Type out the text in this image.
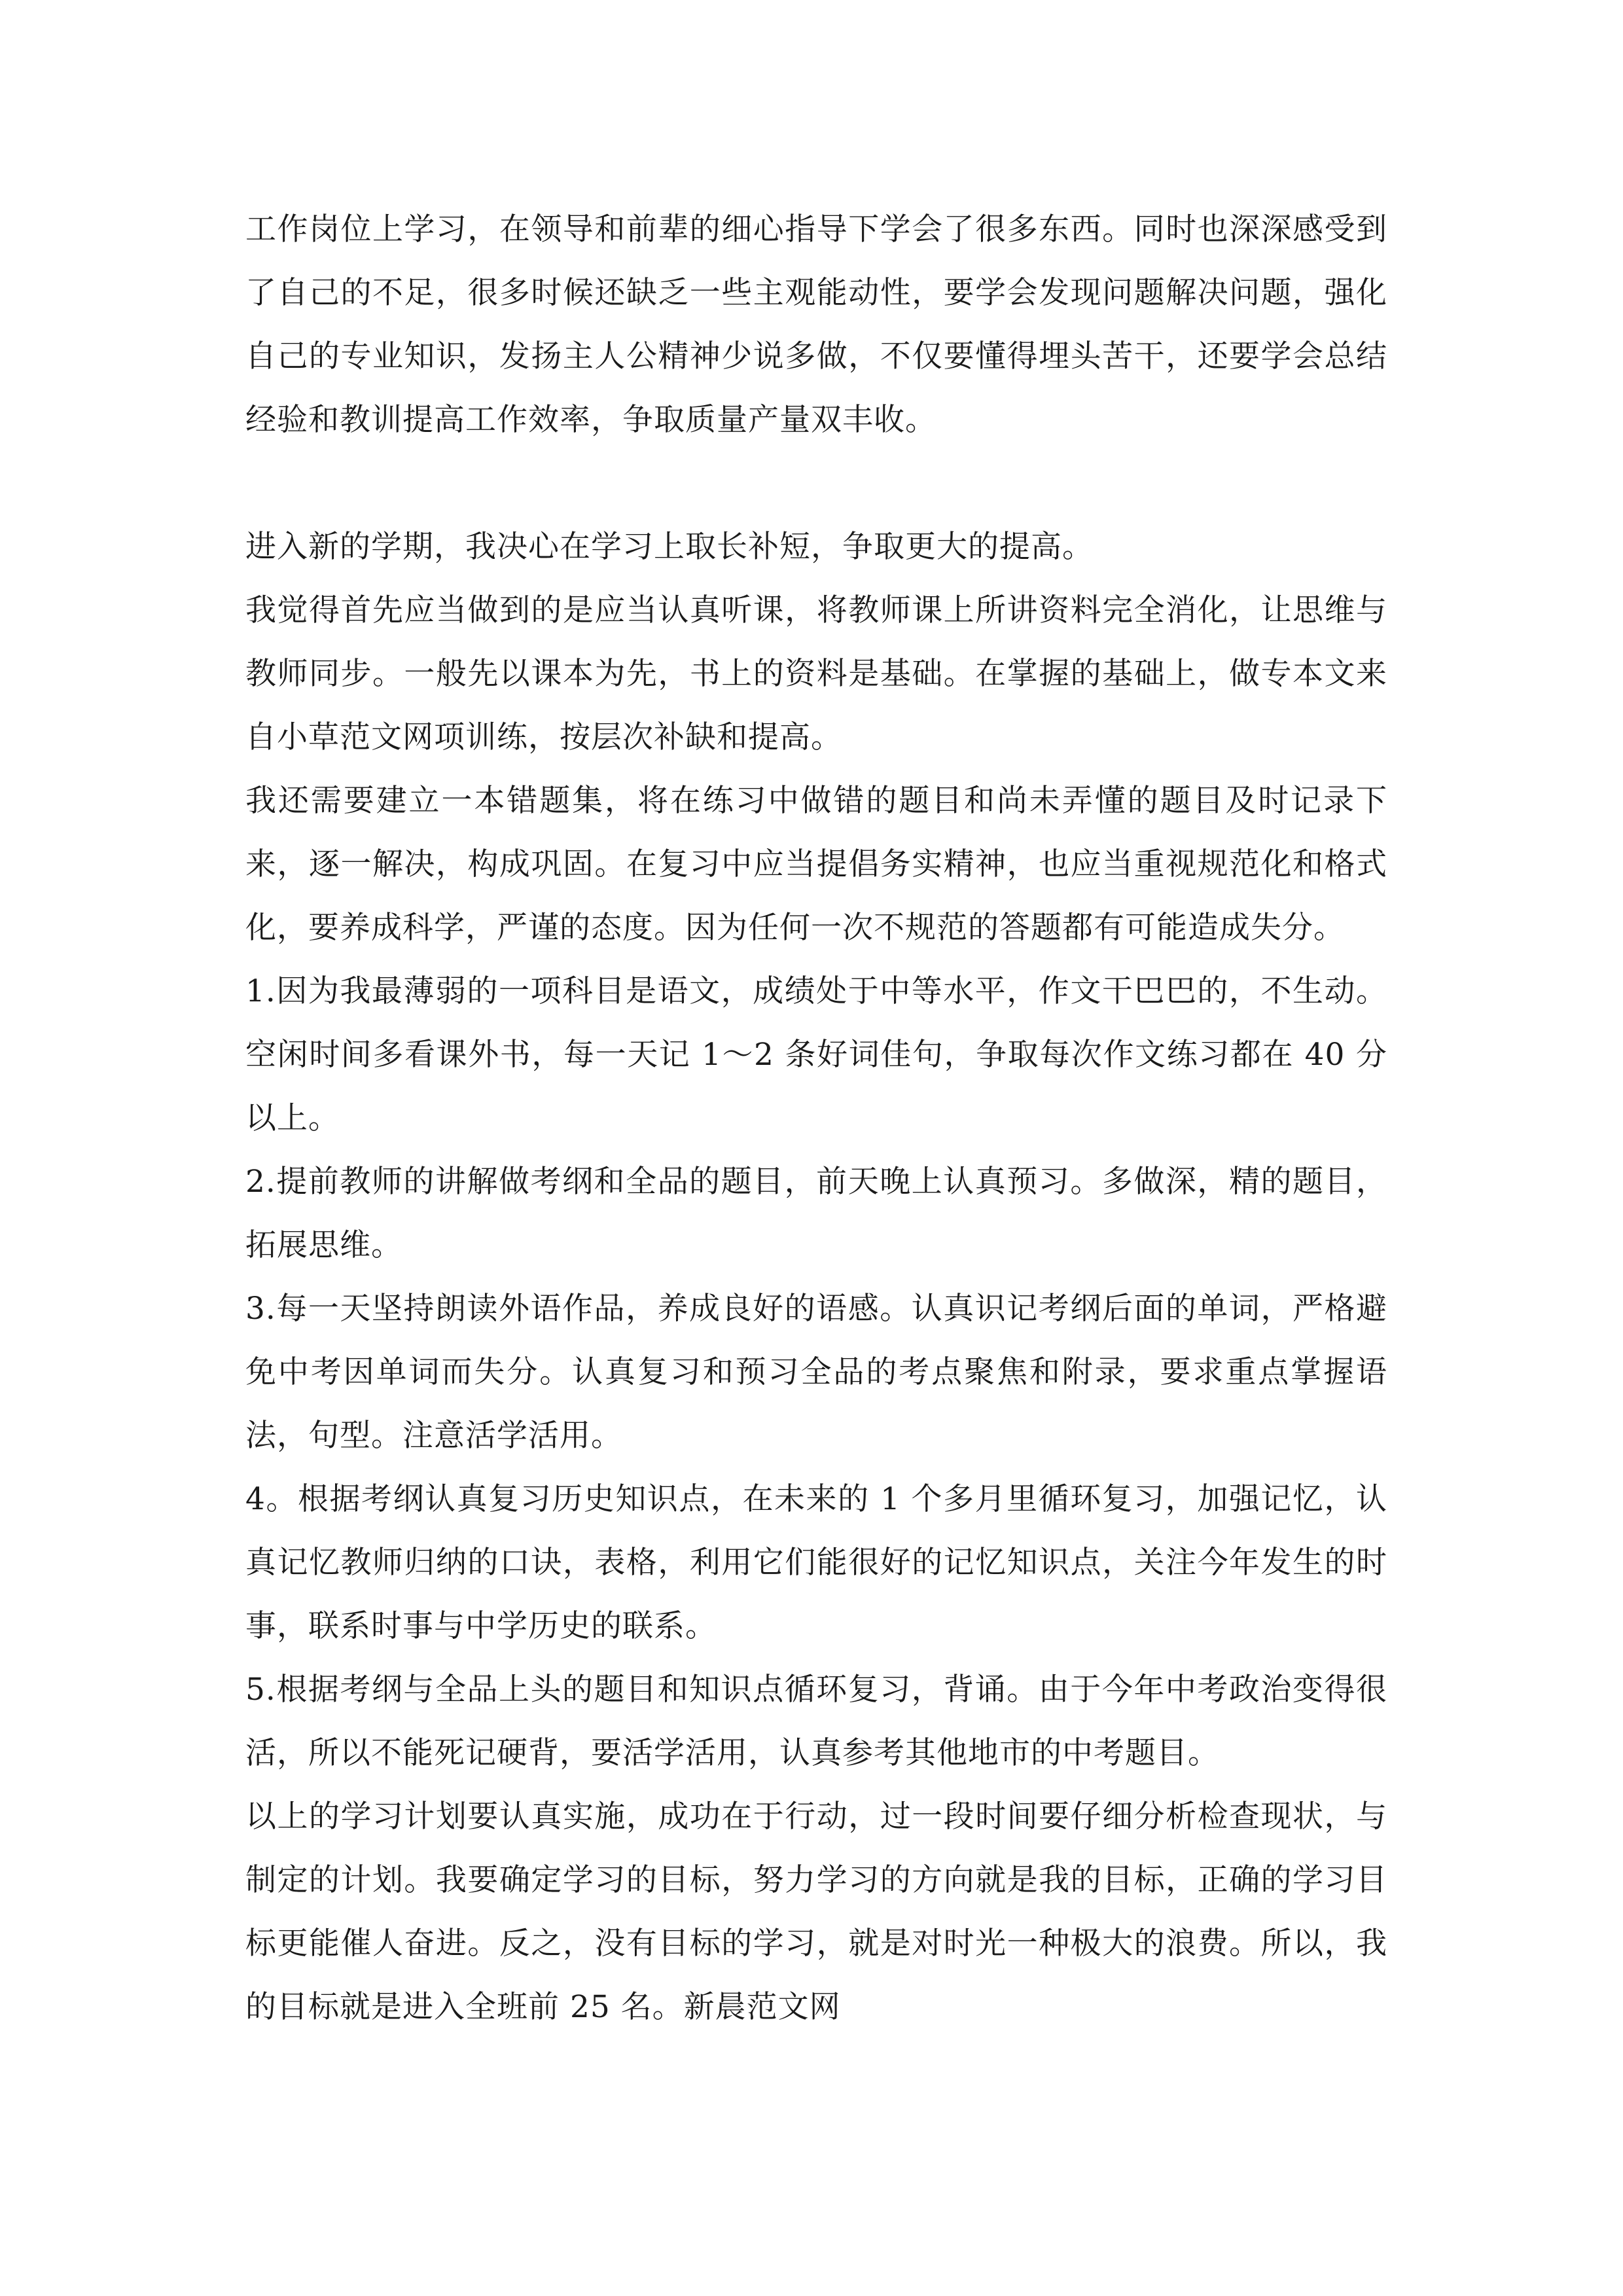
工作岗位上学习，在领导和前辈的细心指导下学会了很多东西。同时也深深感受到了自己的不足，很多时候还缺乏一些主观能动性，要学会发现问题解决问题，强化自己的专业知识，发扬主人公精神少说多做，不仅要懂得埋头苦干，还要学会总结经验和教训提高工作效率，争取质量产量双丰收。

进入新的学期，我决心在学习上取长补短，争取更大的提高。

我觉得首先应当做到的是应当认真听课，将教师课上所讲资料完全消化，让思维与教师同步。一般先以课本为先，书上的资料是基础。在掌握的基础上，做专本文来自小草范文网项训练，按层次补缺和提高。

我还需要建立一本错题集，将在练习中做错的题目和尚未弄懂的题目及时记录下来，逐一解决，构成巩固。在复习中应当提倡务实精神，也应当重视规范化和格式化，要养成科学，严谨的态度。因为任何一次不规范的答题都有可能造成失分。

1.因为我最薄弱的一项科目是语文，成绩处于中等水平，作文干巴巴的，不生动。空闲时间多看课外书，每一天记 1～2 条好词佳句，争取每次作文练习都在 40 分以上。

2.提前教师的讲解做考纲和全品的题目，前天晚上认真预习。多做深，精的题目，拓展思维。

3.每一天坚持朗读外语作品，养成良好的语感。认真识记考纲后面的单词，严格避免中考因单词而失分。认真复习和预习全品的考点聚焦和附录，要求重点掌握语法，句型。注意活学活用。

4。根据考纲认真复习历史知识点，在未来的 1 个多月里循环复习，加强记忆，认真记忆教师归纳的口诀，表格，利用它们能很好的记忆知识点，关注今年发生的时事，联系时事与中学历史的联系。

5.根据考纲与全品上头的题目和知识点循环复习，背诵。由于今年中考政治变得很活，所以不能死记硬背，要活学活用，认真参考其他地市的中考题目。

以上的学习计划要认真实施，成功在于行动，过一段时间要仔细分析检查现状，与制定的计划。我要确定学习的目标，努力学习的方向就是我的目标，正确的学习目标更能催人奋进。反之，没有目标的学习，就是对时光一种极大的浪费。所以，我的目标就是进入全班前 25 名。新晨范文网
